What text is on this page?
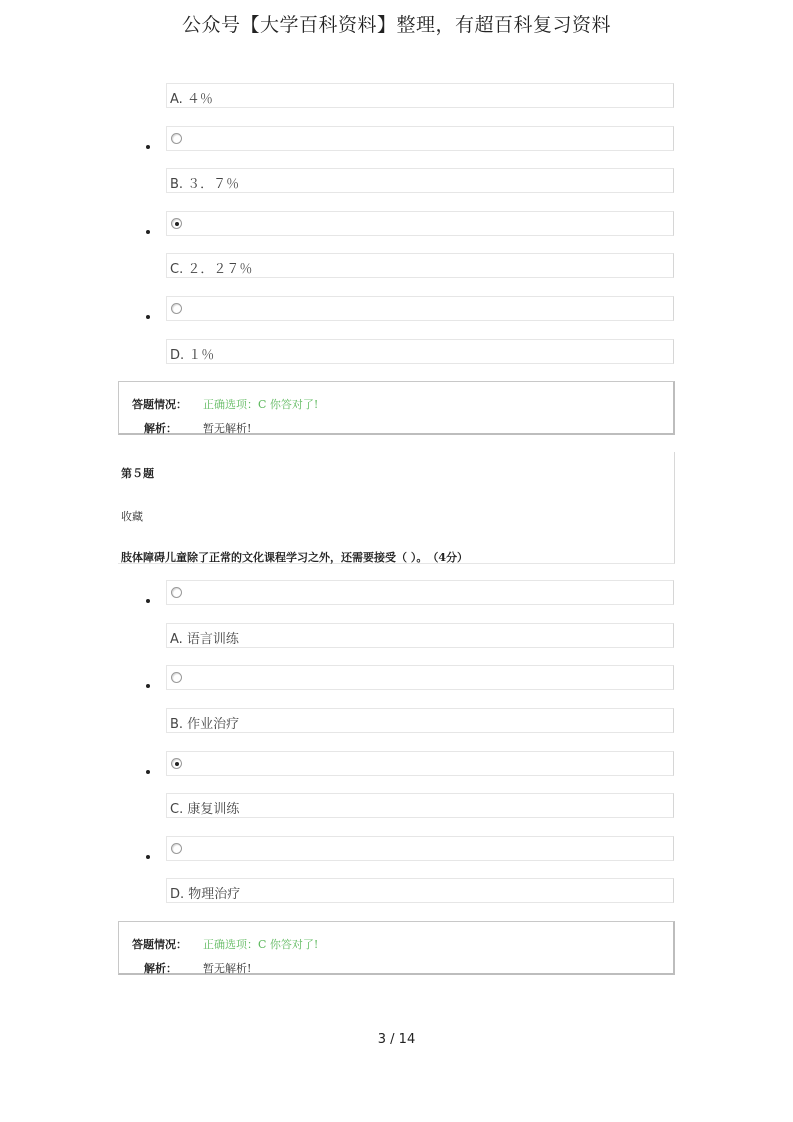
公众号【大学百科资料】整理，有超百科复习资料
A. ４％
B. ３．７％
C. ２．２７％
D. １％
答题情况： 正确选项：C 你答对了!
解析： 暂无解析!
第５题
收藏
肢体障碍儿童除了正常的文化课程学习之外，还需要接受（ ）。　（4分）
A. 语言训练
B. 作业治疗
C. 康复训练
D. 物理治疗
答题情况： 正确选项：C 你答对了!
解析： 暂无解析!
3 / 14
